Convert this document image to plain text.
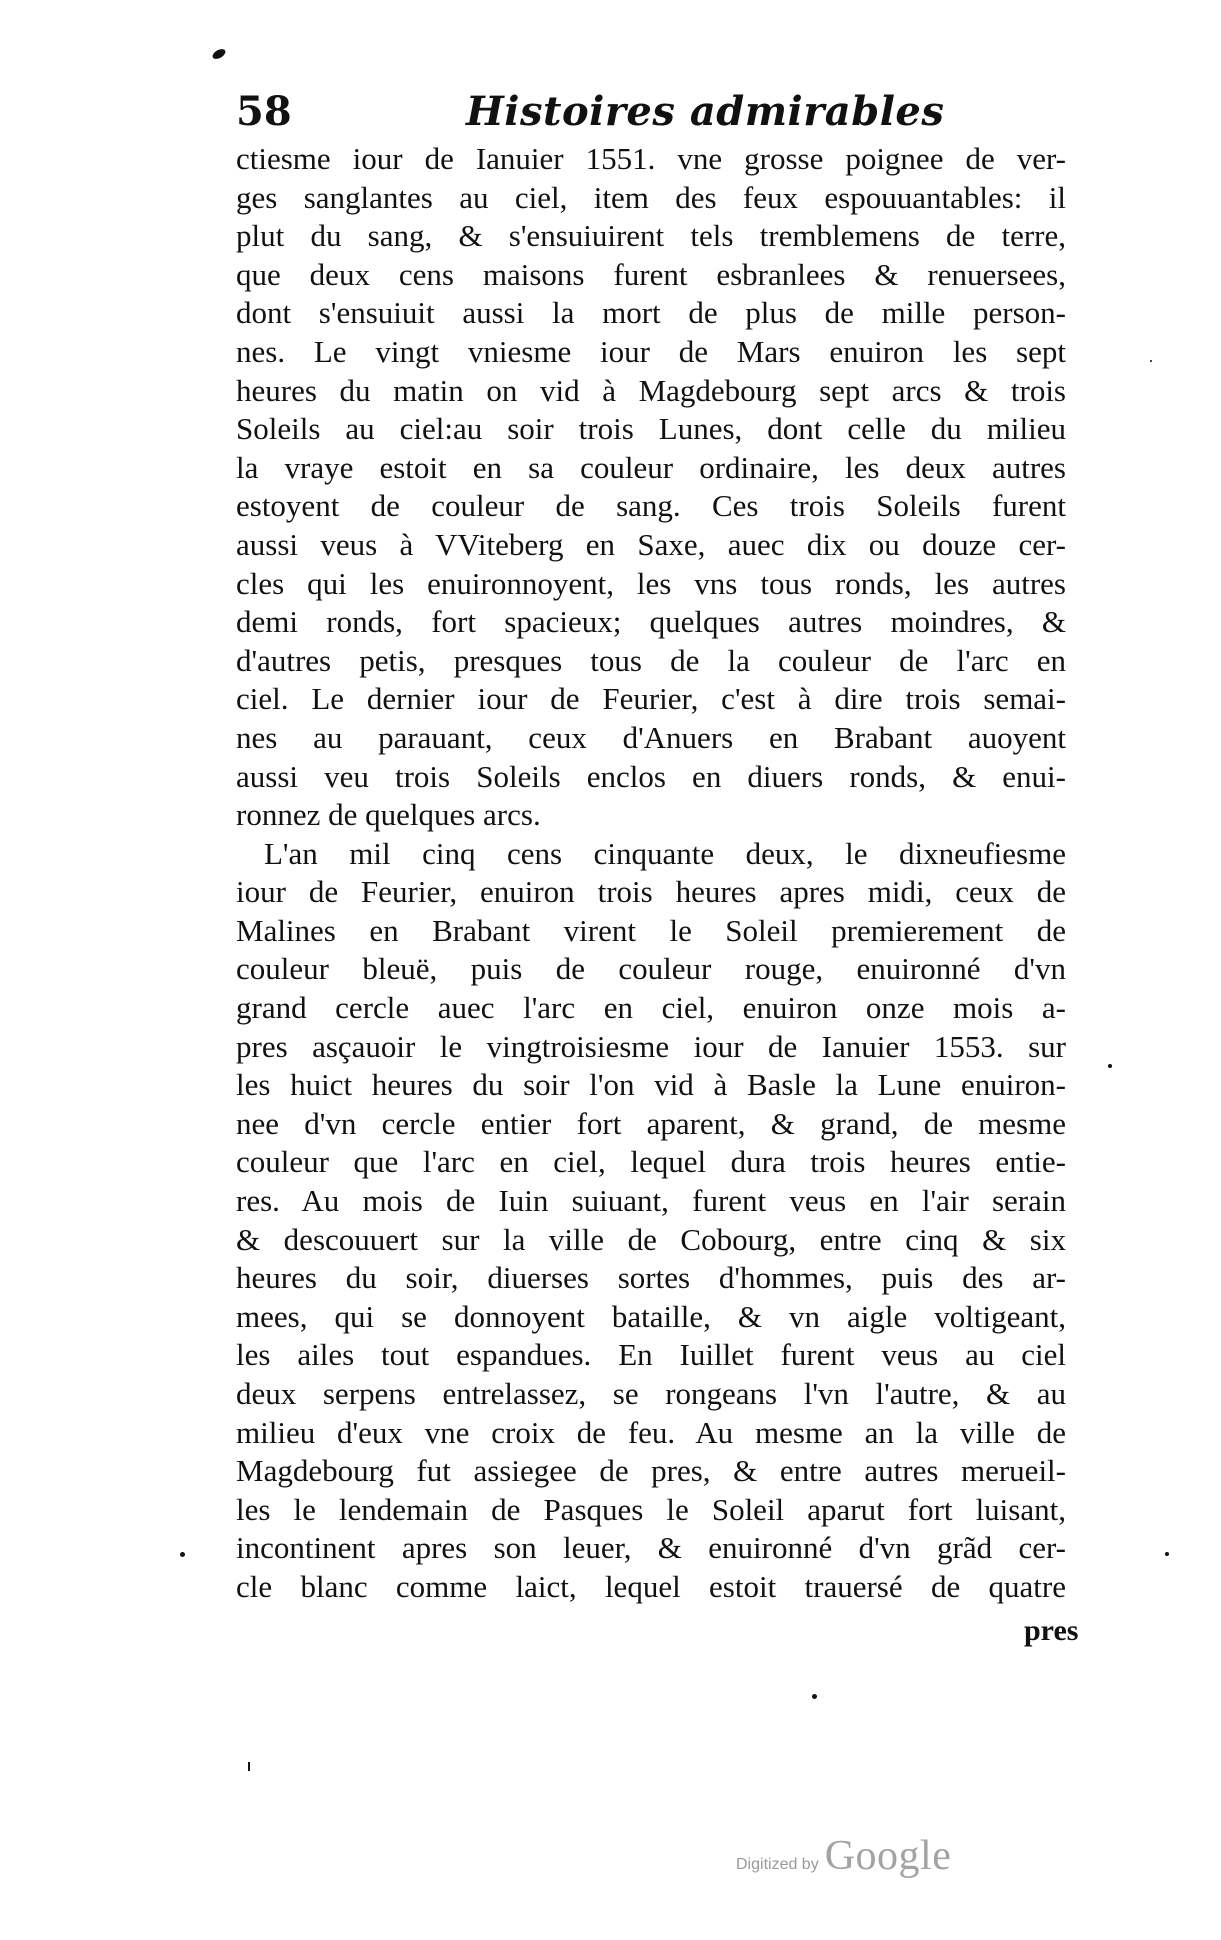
58	Histoires admirables
ctiesme iour de Ianuier 1551. vne grosse poignee de ver-
ges sanglantes au ciel, item des feux espouuantables: il
plut du sang, & s'ensuiuirent tels tremblemens de terre,
que deux cens maisons furent esbranlees & renuersees,
dont s'ensuiuit aussi la mort de plus de mille person-
nes. Le vingt vniesme iour de Mars enuiron les sept
heures du matin on vid à Magdebourg sept arcs & trois
Soleils au ciel:au soir trois Lunes, dont celle du milieu
la vraye estoit en sa couleur ordinaire, les deux autres
estoyent de couleur de sang. Ces trois Soleils furent
aussi veus à VViteberg en Saxe, auec dix ou douze cer-
cles qui les enuironnoyent, les vns tous ronds, les autres
demi ronds, fort spacieux; quelques autres moindres, &
d'autres petis, presques tous de la couleur de l'arc en
ciel. Le dernier iour de Feurier, c'est à dire trois semai-
nes au parauant, ceux d'Anuers en Brabant auoyent
aussi veu trois Soleils enclos en diuers ronds, & enui-
ronnez de quelques arcs.
L'an mil cinq cens cinquante deux, le dixneufiesme
iour de Feurier, enuiron trois heures apres midi, ceux de
Malines en Brabant virent le Soleil premierement de
couleur bleuë, puis de couleur rouge, enuironné d'vn
grand cercle auec l'arc en ciel, enuiron onze mois a-
pres asçauoir le vingtroisiesme iour de Ianuier 1553. sur
les huict heures du soir l'on vid à Basle la Lune enuiron-
nee d'vn cercle entier fort aparent, & grand, de mesme
couleur que l'arc en ciel, lequel dura trois heures entie-
res. Au mois de Iuin suiuant, furent veus en l'air serain
& descouuert sur la ville de Cobourg, entre cinq & six
heures du soir, diuerses sortes d'hommes, puis des ar-
mees, qui se donnoyent bataille, & vn aigle voltigeant,
les ailes tout espandues. En Iuillet furent veus au ciel
deux serpens entrelassez, se rongeans l'vn l'autre, & au
milieu d'eux vne croix de feu. Au mesme an la ville de
Magdebourg fut assiegee de pres, & entre autres merueil-
les le lendemain de Pasques le Soleil aparut fort luisant,
incontinent apres son leuer, & enuironné d'vn grãd cer-
cle blanc comme laict, lequel estoit trauersé de quatre
pres
Digitized by Google
